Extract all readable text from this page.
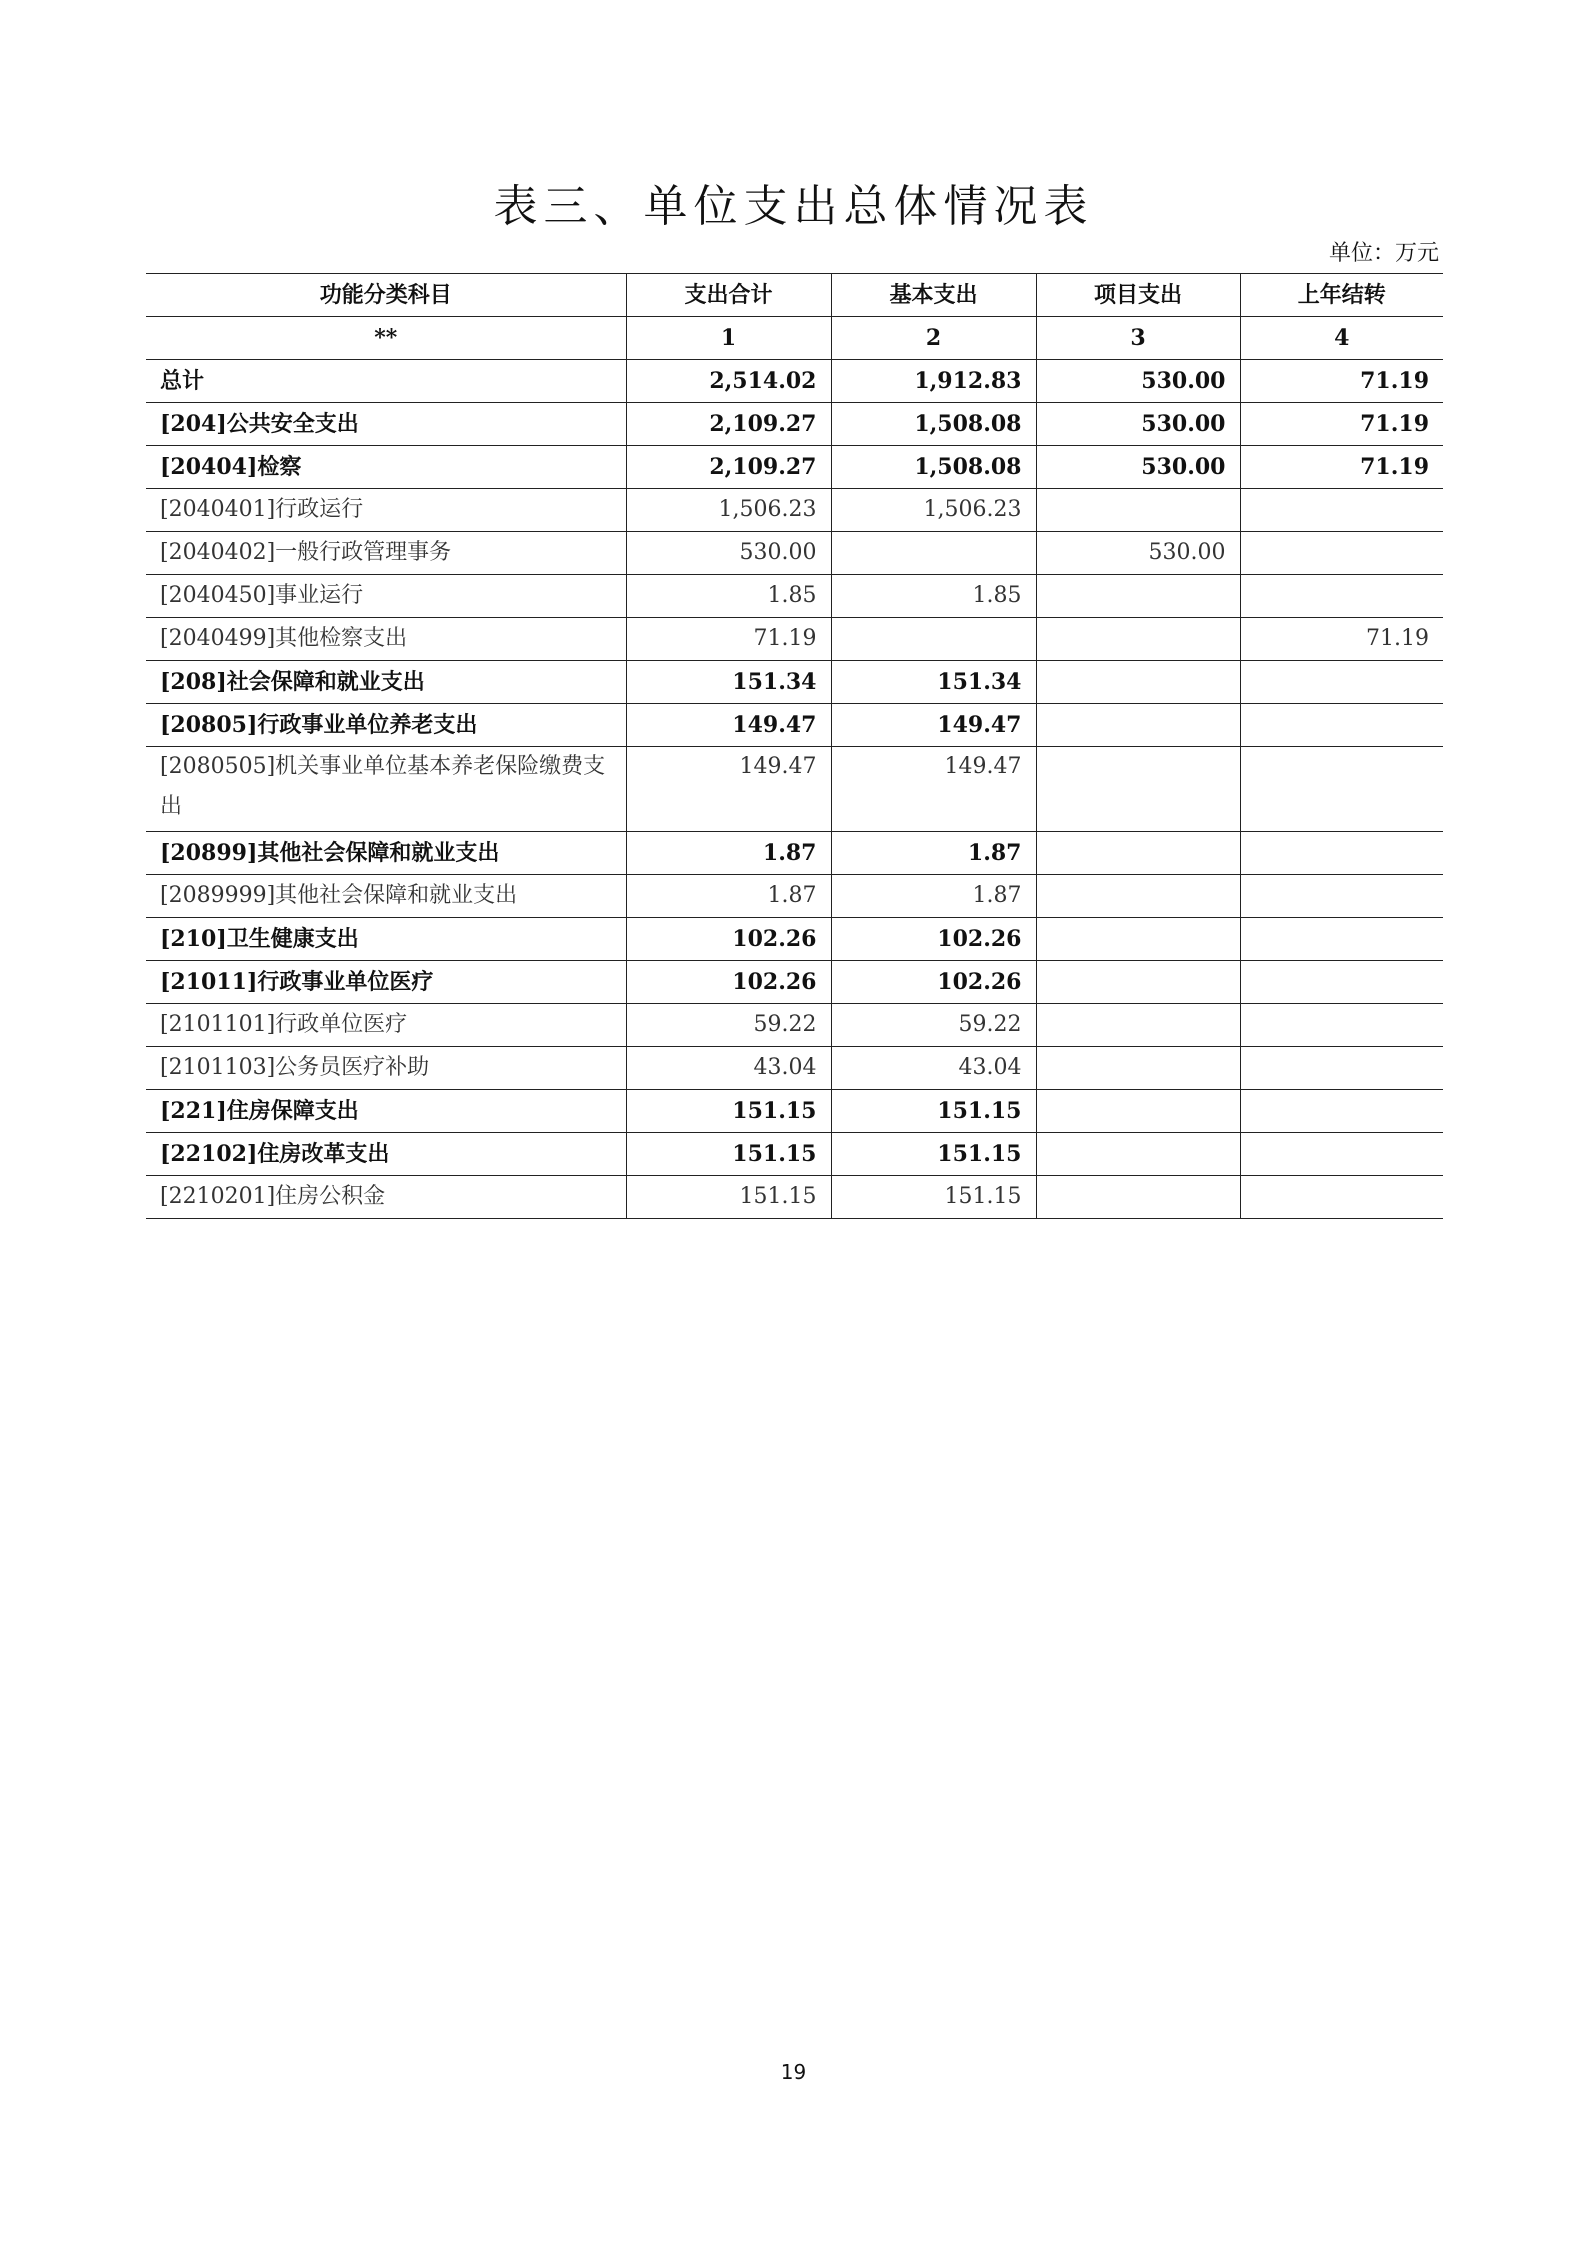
表三、单位支出总体情况表
单位：万元
功能分类科目	支出合计	基本支出	项目支出	上年结转
**	1	2	3	4
总计	2,514.02	1,912.83	530.00	71.19
[204]公共安全支出	2,109.27	1,508.08	530.00	71.19
[20404]检察	2,109.27	1,508.08	530.00	71.19
[2040401]行政运行	1,506.23	1,506.23		
[2040402]一般行政管理事务	530.00		530.00	
[2040450]事业运行	1.85	1.85		
[2040499]其他检察支出	71.19			71.19
[208]社会保障和就业支出	151.34	151.34		
[20805]行政事业单位养老支出	149.47	149.47		
[2080505]机关事业单位基本养老保险缴费支出	149.47	149.47		
[20899]其他社会保障和就业支出	1.87	1.87		
[2089999]其他社会保障和就业支出	1.87	1.87		
[210]卫生健康支出	102.26	102.26		
[21011]行政事业单位医疗	102.26	102.26		
[2101101]行政单位医疗	59.22	59.22		
[2101103]公务员医疗补助	43.04	43.04		
[221]住房保障支出	151.15	151.15		
[22102]住房改革支出	151.15	151.15		
[2210201]住房公积金	151.15	151.15		
19
